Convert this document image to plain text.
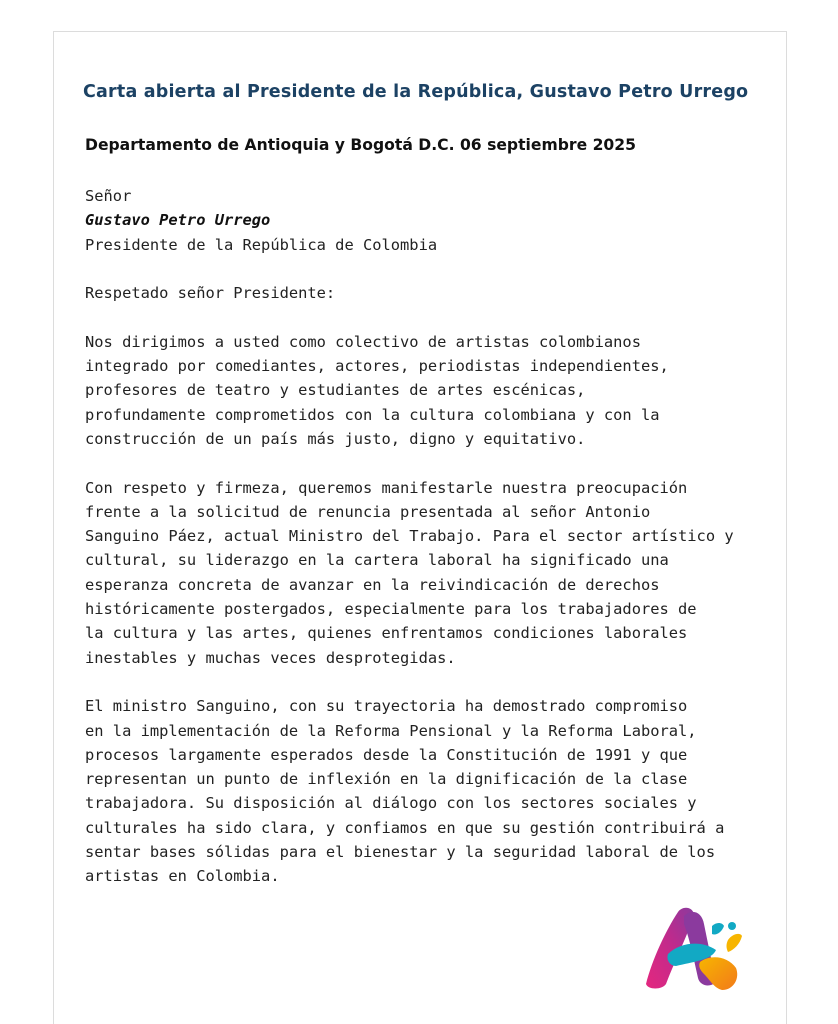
Carta abierta al Presidente de la República, Gustavo Petro Urrego

Departamento de Antioquia y Bogotá D.C. 06 septiembre 2025

Señor

Gustavo Petro Urrego

Presidente de la República de Colombia

Respetado señor Presidente:

Nos dirigimos a usted como colectivo de artistas colombianos
integrado por comediantes, actores, periodistas independientes,
profesores de teatro y estudiantes de artes escénicas,
profundamente comprometidos con la cultura colombiana y con la
construcción de un país más justo, digno y equitativo.

Con respeto y firmeza, queremos manifestarle nuestra preocupación
frente a la solicitud de renuncia presentada al señor Antonio
Sanguino Páez, actual Ministro del Trabajo. Para el sector artístico y
cultural, su liderazgo en la cartera laboral ha significado una
esperanza concreta de avanzar en la reivindicación de derechos
históricamente postergados, especialmente para los trabajadores de
la cultura y las artes, quienes enfrentamos condiciones laborales
inestables y muchas veces desprotegidas.

El ministro Sanguino, con su trayectoria ha demostrado compromiso
en la implementación de la Reforma Pensional y la Reforma Laboral,
procesos largamente esperados desde la Constitución de 1991 y que
representan un punto de inflexión en la dignificación de la clase
trabajadora. Su disposición al diálogo con los sectores sociales y
culturales ha sido clara, y confiamos en que su gestión contribuirá a
sentar bases sólidas para el bienestar y la seguridad laboral de los
artistas en Colombia.
